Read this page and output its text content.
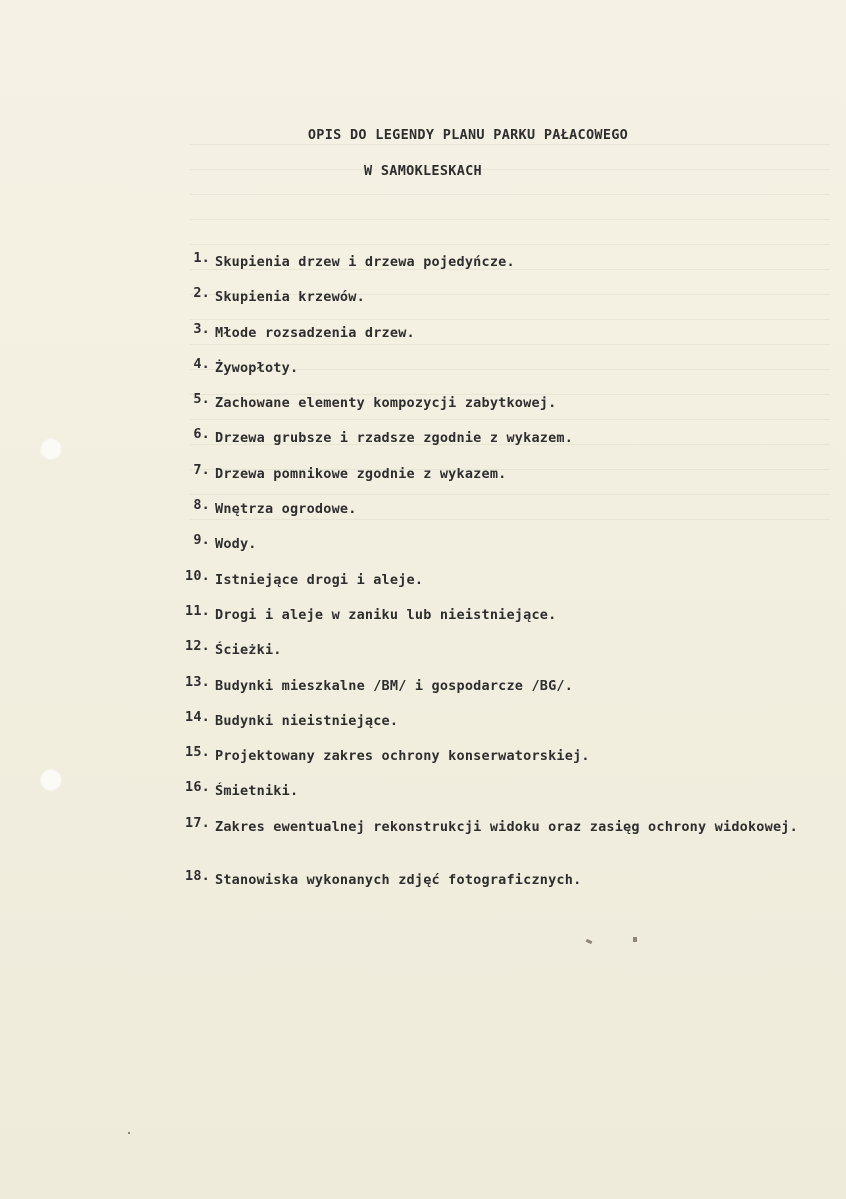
OPIS DO LEGENDY PLANU PARKU PAŁACOWEGO
W SAMOKLESKACH
1. Skupienia drzew i drzewa pojedyńcze.
2. Skupienia krzewów.
3. Młode rozsadzenia drzew.
4. Żywopłoty.
5. Zachowane elementy kompozycji zabytkowej.
6. Drzewa grubsze i rzadsze zgodnie z wykazem.
7. Drzewa pomnikowe zgodnie z wykazem.
8. Wnętrza ogrodowe.
9. Wody.
10. Istniejące drogi i aleje.
11. Drogi i aleje w zaniku lub nieistniejące.
12. Ścieżki.
13. Budynki mieszkalne /BM/ i gospodarcze /BG/.
14. Budynki nieistniejące.
15. Projektowany zakres ochrony konserwatorskiej.
16. Śmietniki.
17. Zakres ewentualnej rekonstrukcji widoku oraz zasięg ochrony widokowej.
18. Stanowiska wykonanych zdjęć fotograficznych.
